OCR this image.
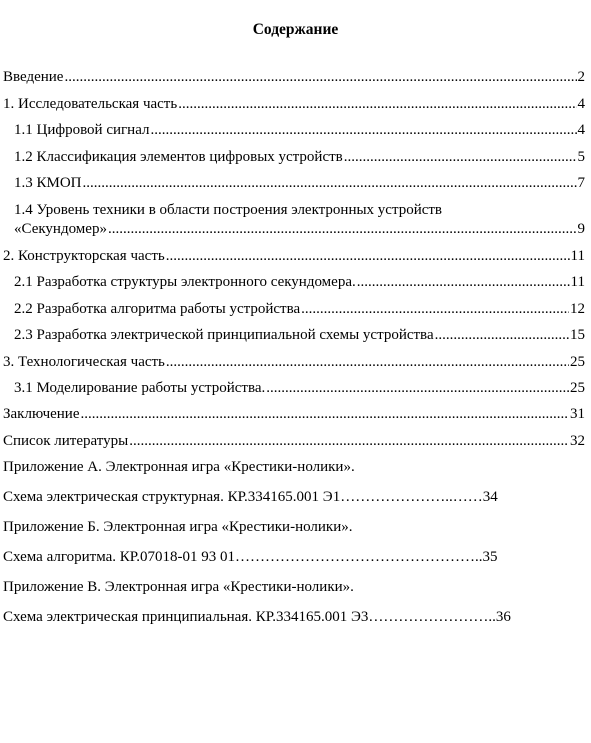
Содержание
Введение .....	2
1. Исследовательская часть .....	4
1.1 Цифровой сигнал .....	4
1.2 Классификация элементов цифровых устройств .....	5
1.3 КМОП .....	7
1.4 Уровень техники в области построения электронных устройств
«Секундомер» .....	9
2. Конструкторская часть .....	11
2.1 Разработка структуры электронного секундомера. .....	11
2.2 Разработка алгоритма работы устройства .....	12
2.3 Разработка электрической принципиальной схемы устройства .....	15
3. Технологическая часть .....	25
3.1 Моделирование работы устройства. .....	25
Заключение .....	31
Список литературы .....	32
Приложение А. Электронная игра «Крестики-нолики».
Схема электрическая структурная. КР.334165.001 Э1 …………………..…… 34
Приложение Б. Электронная игра «Крестики-нолики».
Схема алгоритма. КР.07018-01 93 01 ………………………………………….. 35
Приложение В. Электронная игра «Крестики-нолики».
Схема электрическая принципиальная. КР.334165.001 Э3 …………………….. 36
